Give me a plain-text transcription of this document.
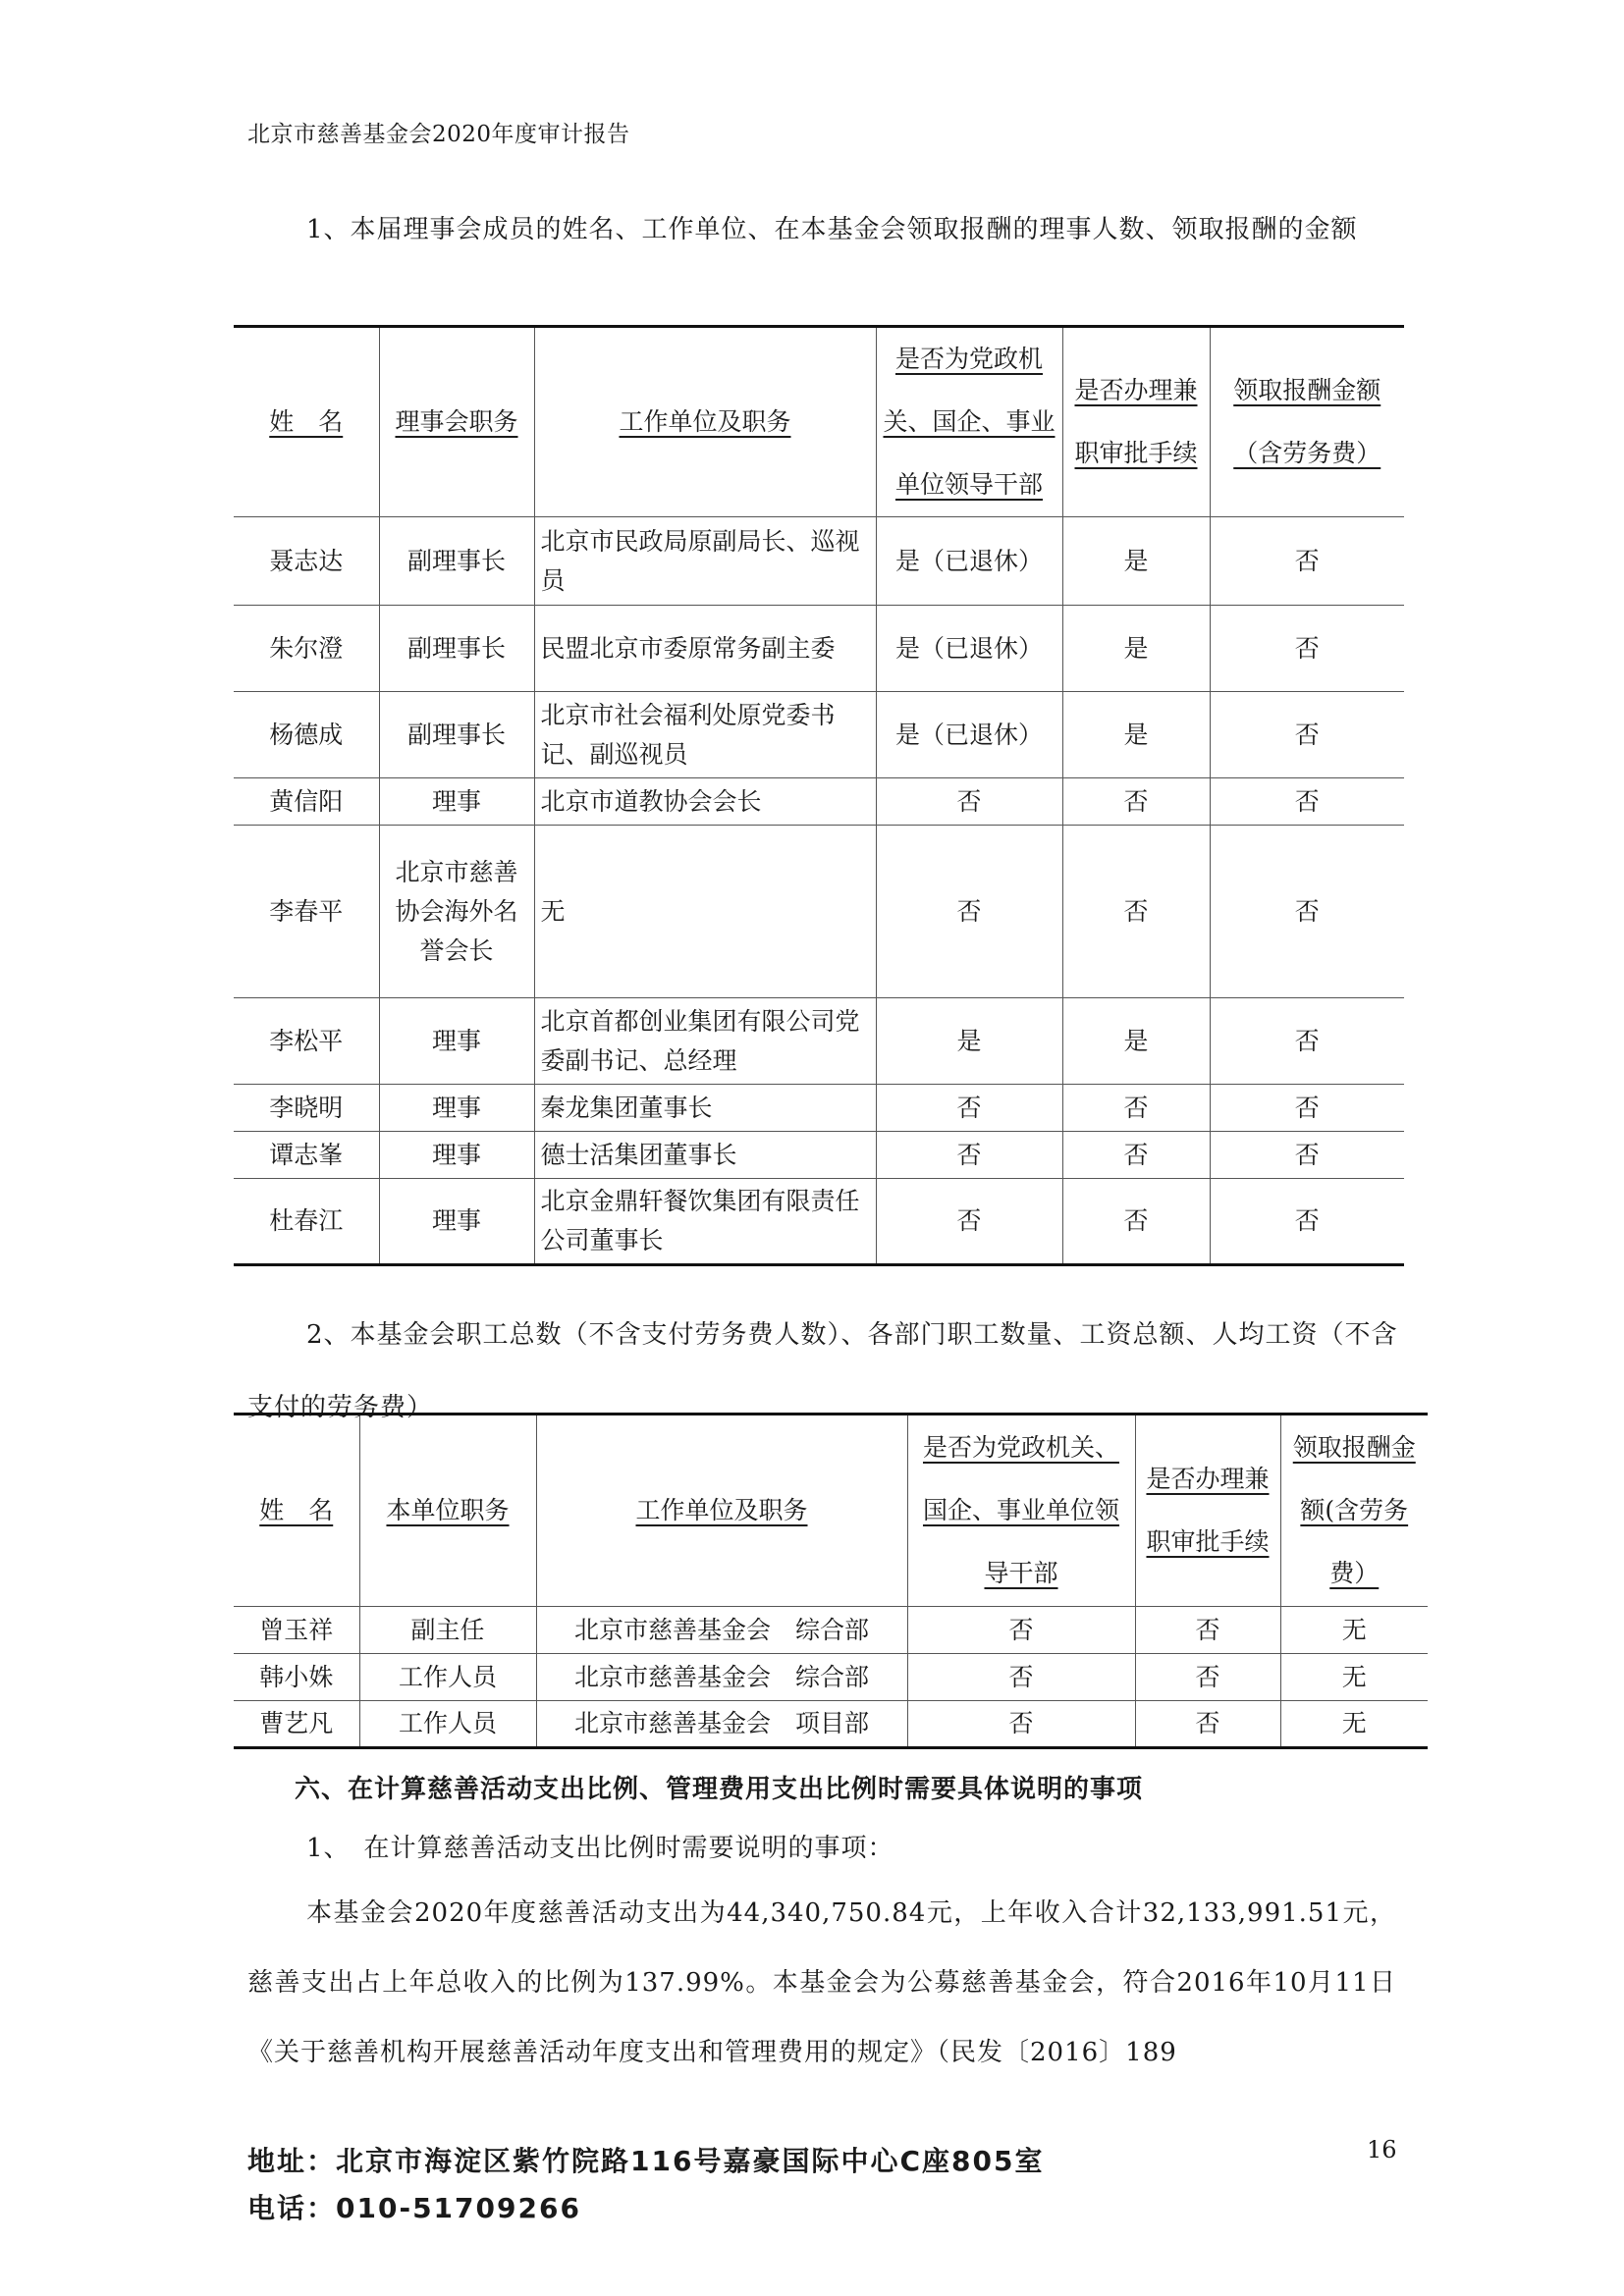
北京市慈善基金会2020年度审计报告
1、本届理事会成员的姓名、工作单位、在本基金会领取报酬的理事人数、领取报酬的金额
姓　名	理事会职务	工作单位及职务	是否为党政机关、国企、事业单位领导干部	是否办理兼职审批手续	领取报酬金额（含劳务费）
聂志达	副理事长	北京市民政局原副局长、巡视员	是（已退休）	是	否
朱尔澄	副理事长	民盟北京市委原常务副主委	是（已退休）	是	否
杨德成	副理事长	北京市社会福利处原党委书记、副巡视员	是（已退休）	是	否
黄信阳	理事	北京市道教协会会长	否	否	否
李春平	北京市慈善协会海外名誉会长	无	否	否	否
李松平	理事	北京首都创业集团有限公司党委副书记、总经理	是	是	否
李晓明	理事	秦龙集团董事长	否	否	否
谭志峯	理事	德士活集团董事长	否	否	否
杜春江	理事	北京金鼎轩餐饮集团有限责任公司董事长	否	否	否
2、本基金会职工总数（不含支付劳务费人数）、各部门职工数量、工资总额、人均工资（不含支付的劳务费）
姓　名	本单位职务	工作单位及职务	是否为党政机关、国企、事业单位领导干部	是否办理兼职审批手续	领取报酬金额(含劳务费）
曾玉祥	副主任	北京市慈善基金会　综合部	否	否	无
韩小姝	工作人员	北京市慈善基金会　综合部	否	否	无
曹艺凡	工作人员	北京市慈善基金会　项目部	否	否	无
六、在计算慈善活动支出比例、管理费用支出比例时需要具体说明的事项
1、　在计算慈善活动支出比例时需要说明的事项：
本基金会2020年度慈善活动支出为44,340,750.84元，上年收入合计32,133,991.51元，慈善支出占上年总收入的比例为137.99%。本基金会为公募慈善基金会，符合2016年10月11日《关于慈善机构开展慈善活动年度支出和管理费用的规定》（民发〔2016〕189
16
地址：北京市海淀区紫竹院路116号嘉豪国际中心C座805室
电话：010-51709266
